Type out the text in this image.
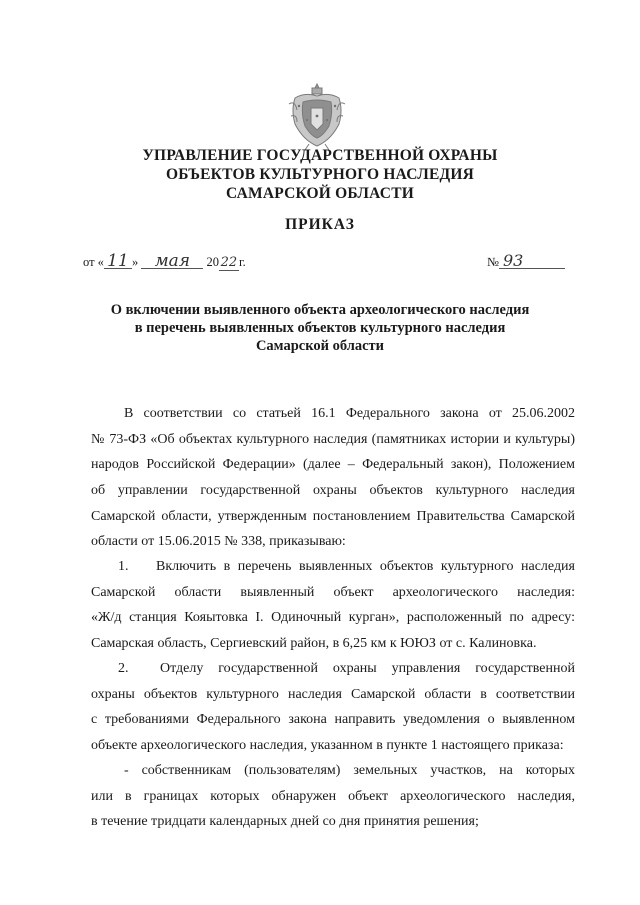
УПРАВЛЕНИЕ ГОСУДАРСТВЕННОЙ ОХРАНЫ
ОБЪЕКТОВ КУЛЬТУРНОГО НАСЛЕДИЯ
САМАРСКОЙ ОБЛАСТИ
ПРИКАЗ
от « 11 » мая 20 22 г.	№ 93
О включении выявленного объекта археологического наследия
в перечень выявленных объектов культурного наследия
Самарской области
В соответствии со статьей 16.1 Федерального закона от 25.06.2002
№ 73-ФЗ «Об объектах культурного наследия (памятниках истории и культуры)
народов Российской Федерации» (далее – Федеральный закон), Положением
об управлении государственной охраны объектов культурного наследия
Самарской области, утвержденным постановлением Правительства Самарской
области от 15.06.2015 № 338, приказываю:
1. Включить в перечень выявленных объектов культурного наследия
Самарской области выявленный объект археологического наследия:
«Ж/д станция Кояытовка I. Одиночный курган», расположенный по адресу:
Самарская область, Сергиевский район, в 6,25 км к ЮЮЗ от с. Калиновка.
2. Отделу государственной охраны управления государственной
охраны объектов культурного наследия Самарской области в соответствии
с требованиями Федерального закона направить уведомления о выявленном
объекте археологического наследия, указанном в пункте 1 настоящего приказа:
- собственникам (пользователям) земельных участков, на которых
или в границах которых обнаружен объект археологического наследия,
в течение тридцати календарных дней со дня принятия решения;
